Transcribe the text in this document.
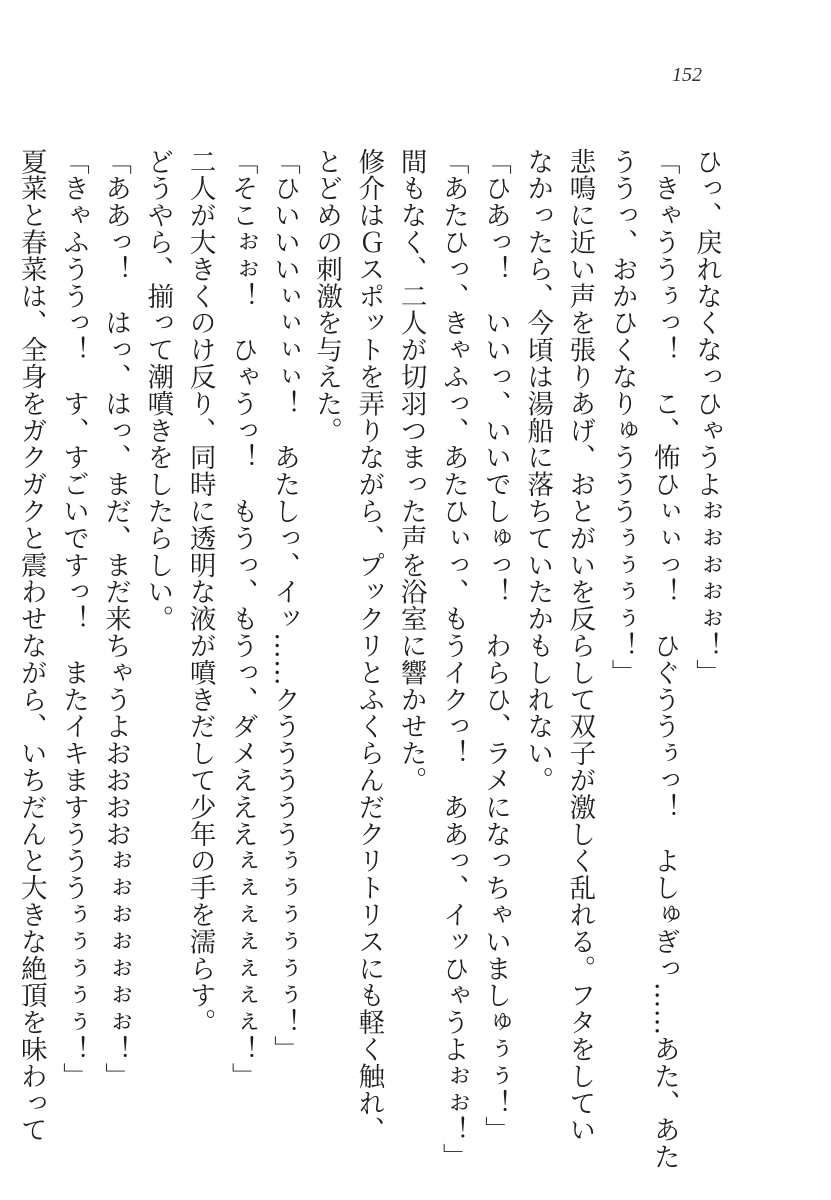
152
ひっ、戻れなくなっひゃうよぉぉぉぉぉ！」
「きゃううぅっ！　こ、怖ひぃぃっ！　ひぐううぅっ！　よしゅぎっ……あた、あた
ううっ、おかひくなりゅうううぅぅぅぅ！」
悲鳴に近い声を張りあげ、おとがいを反らして双子が激しく乱れる。フタをしてい
なかったら、今頃は湯船に落ちていたかもしれない。
「ひあっ！　いいっ、いいでしゅっ！　わらひ、ラメになっちゃいましゅぅぅ！」
「あたひっ、きゃふっ、あたひぃっ、もうイクっ！　ああっ、イッひゃうよぉぉ！」
間もなく、二人が切羽つまった声を浴室に響かせた。
修介はＧスポットを弄りながら、プックリとふくらんだクリトリスにも軽く触れ、
とどめの刺激を与えた。
「ひいいいぃぃぃぃ！　あたしっ、イッ……クうううううぅぅぅぅぅぅ！」
「そこぉぉ！　ひゃうっ！　もうっ、もうっ、ダメえええぇぇぇぇぇぇぇ！」
二人が大きくのけ反り、同時に透明な液が噴きだして少年の手を濡らす。
どうやら、揃って潮噴きをしたらしい。
「ああっ！　はっ、はっ、まだ、まだ来ちゃうよおおおおぉぉぉぉぉぉぉ！」
「きゃふううっ！　す、すごいですっ！　またイキますうううぅぅぅぅぅ！」
夏菜と春菜は、全身をガクガクと震わせながら、いちだんと大きな絶頂を味わって
